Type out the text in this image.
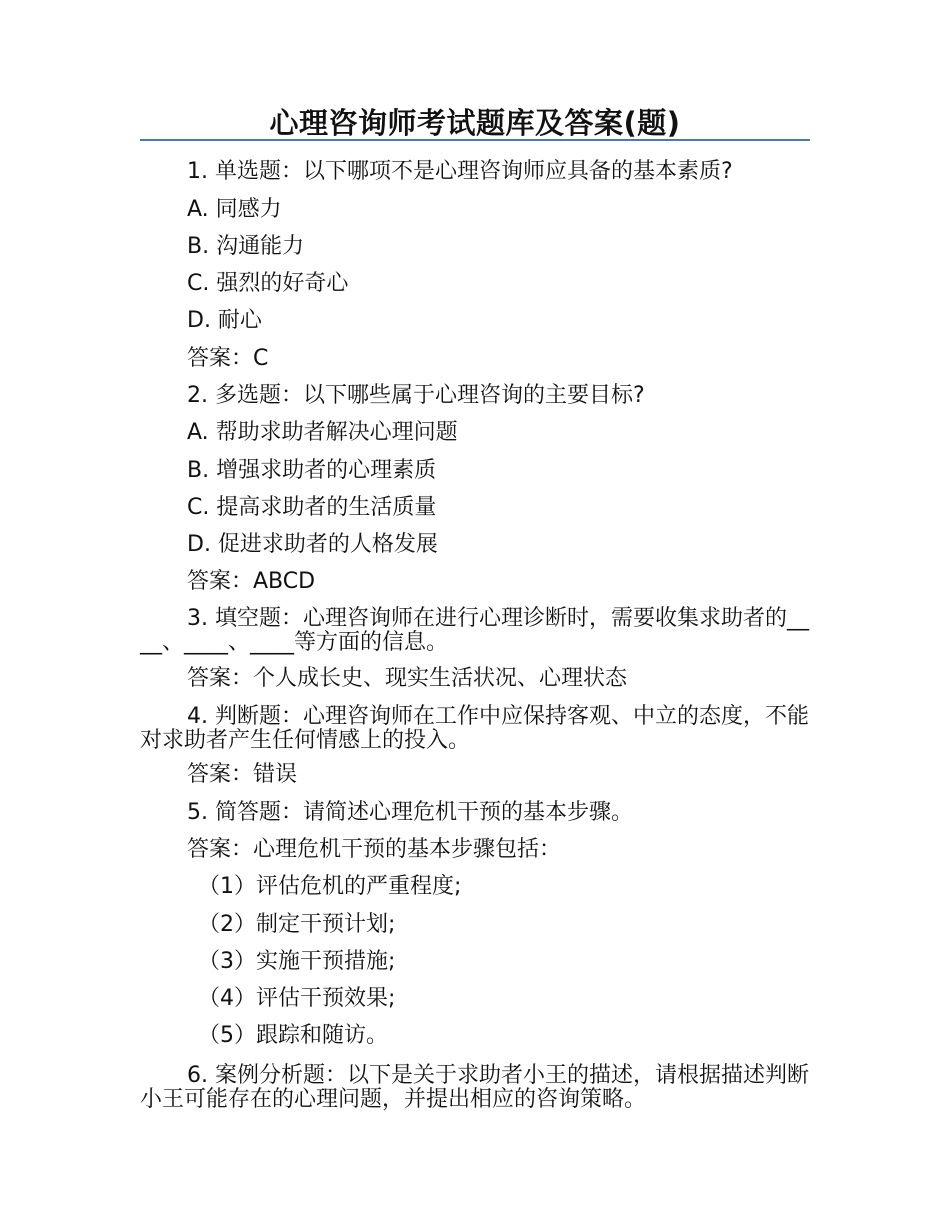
心理咨询师考试题库及答案(题)
1. 单选题：以下哪项不是心理咨询师应具备的基本素质?
A. 同感力
B. 沟通能力
C. 强烈的好奇心
D. 耐心
答案：C
2. 多选题：以下哪些属于心理咨询的主要目标?
A. 帮助求助者解决心理问题
B. 增强求助者的心理素质
C. 提高求助者的生活质量
D. 促进求助者的人格发展
答案：ABCD
3. 填空题：心理咨询师在进行心理诊断时，需要收集求助者的____、____、____等方面的信息。
答案：个人成长史、现实生活状况、心理状态
4. 判断题：心理咨询师在工作中应保持客观、中立的态度，不能对求助者产生任何情感上的投入。
答案：错误
5. 简答题：请简述心理危机干预的基本步骤。
答案：心理危机干预的基本步骤包括：
（1）评估危机的严重程度;
（2）制定干预计划;
（3）实施干预措施;
（4）评估干预效果;
（5）跟踪和随访。
6. 案例分析题：以下是关于求助者小王的描述，请根据描述判断小王可能存在的心理问题，并提出相应的咨询策略。
